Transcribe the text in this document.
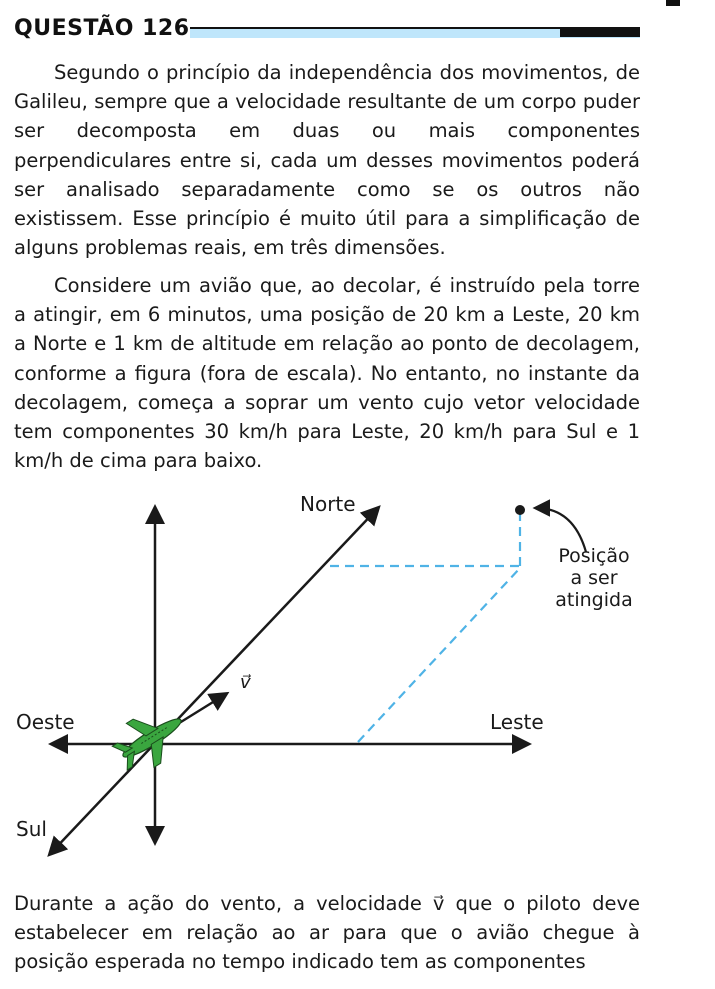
QUESTÃO 126

Segundo o princípio da independência dos movimentos, de Galileu, sempre que a velocidade resultante de um corpo puder ser decomposta em duas ou mais componentes perpendiculares entre si, cada um desses movimentos poderá ser analisado separadamente como se os outros não existissem. Esse princípio é muito útil para a simplificação de alguns problemas reais, em três dimensões.

Considere um avião que, ao decolar, é instruído pela torre a atingir, em 6 minutos, uma posição de 20 km a Leste, 20 km a Norte e 1 km de altitude em relação ao ponto de decolagem, conforme a figura (fora de escala). No entanto, no instante da decolagem, começa a soprar um vento cujo vetor velocidade tem componentes 30 km/h para Leste, 20 km/h para Sul e 1 km/h de cima para baixo.

Norte
Oeste	Leste
Sul
v⃗
Posição
a ser
atingida

Durante a ação do vento, a velocidade v⃗ que o piloto deve estabelecer em relação ao ar para que o avião chegue à posição esperada no tempo indicado tem as componentes
